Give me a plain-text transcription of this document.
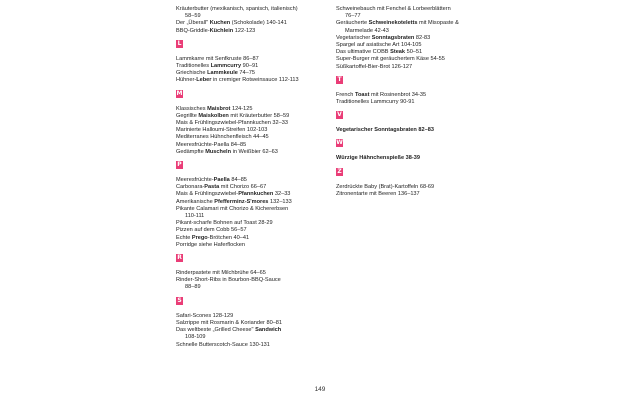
Kräuterbutter (mexikanisch, spanisch, italienisch)
58–59
Der „Überall" Kuchen (Schokolade) 140-141
BBQ-Griddle-Küchlein 122-123
L
Lammkarre mit Senfkruste 86–87
Traditionelles Lammcurry 90–91
Griechische Lammkeule 74–75
Hühner-Leber in cremiger Rotweinsauce 112-113
M
Klassisches Maisbrot 124-125
Gegrillte Maiskolben mit Kräuterbutter 58–59
Mais & Frühlingszwiebel-Pfannkuchen 32–33
Marinierte Halloumi-Streifen 102-103
Mediterranes Hühnchenfleisch 44–45
Meeresfrüchte-Paella 84–85
Gedämpfte Muscheln in Weißbier 62–63
P
Meeresfrüchte-Paella 84–85
Carbonara-Pasta mit Chorizo 66–67
Mais & Frühlingszwiebel-Pfannkuchen 32–33
Amerikanische Pfefferminz-S'mores 132–133
Pikante Calamari mit Chorizo & Kichererbsen
110-111
Pikant-scharfe Bohnen auf Toast 28-29
Pizzen auf dem Cobb 56–57
Echte Prego-Brötchen 40–41
Porridge siehe Haferflocken
R
Rinderpastete mit Milchbrühe 64–65
Rinder-Short-Ribs in Bourbon-BBQ-Sauce
88–89
S
Safari-Scones 128-129
Salzrippe mit Rosmarin & Koriander 80–81
Das weltbeste „Grilled Cheese" Sandwich
108-109
Schnelle Butterscotch-Sauce 130-131
Schweinebauch mit Fenchel & Lorbeerblättern
76–77
Geräucherte Schweinekoteletts mit Misopaste &
Marmelade 42-43
Vegetarischer Sonntagsbraten 82-83
Spargel auf asiatische Art 104-105
Das ultimative COBB Steak 50–51
Super-Burger mit geräuchertem Käse 54-55
Süßkartoffel-Bier-Brot 126-127
T
French Toast mit Rosinenbrot 34-35
Traditionelles Lammcurry 90-91
V
Vegetarischer Sonntagsbraten 82–83
W
Würzige Hähnchenspieße 38-39
Z
Zerdrückte Baby (Brat)-Kartoffeln 68-69
Zitronentarte mit Beeren 136–137
149
